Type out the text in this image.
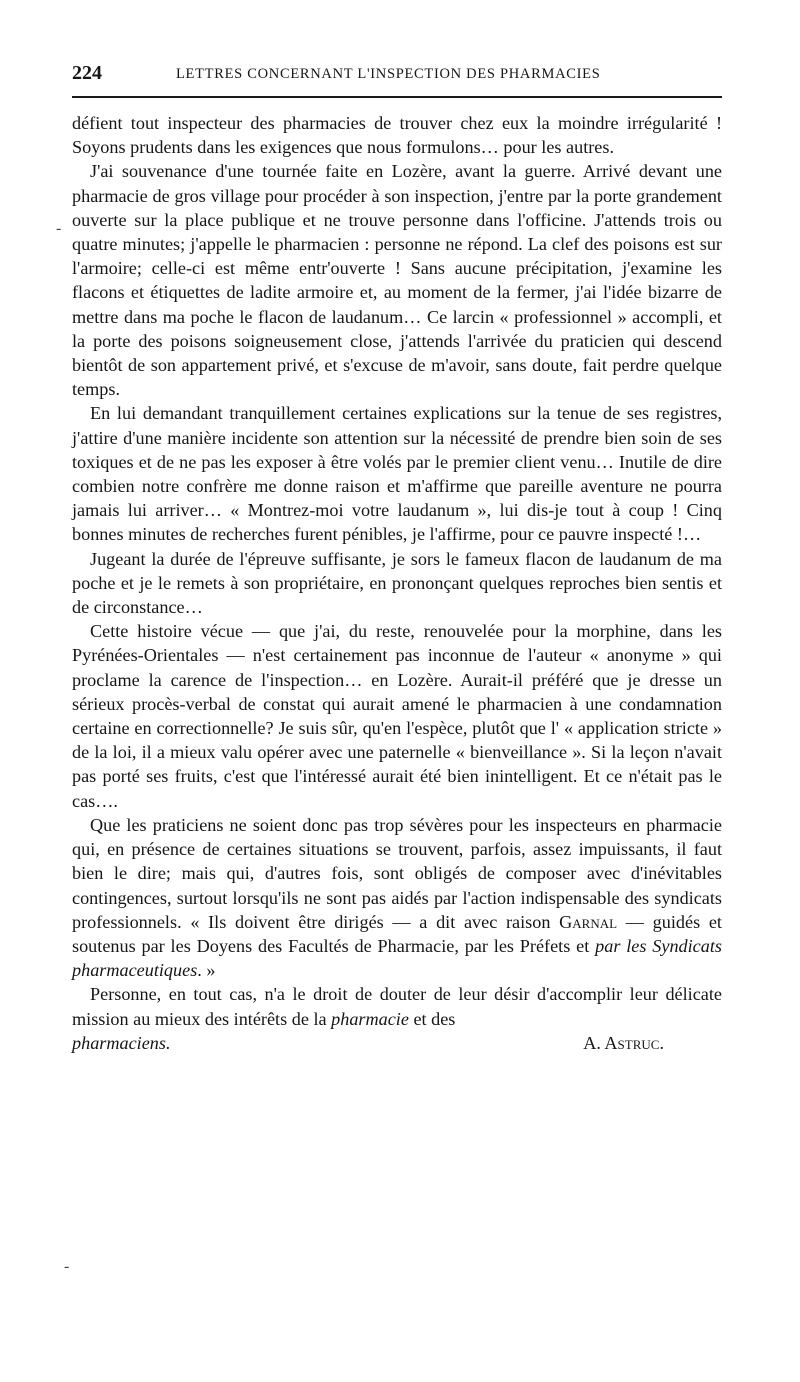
224	LETTRES CONCERNANT L'INSPECTION DES PHARMACIES

défient tout inspecteur des pharmacies de trouver chez eux la moindre irrégularité ! Soyons prudents dans les exigences que nous formulons… pour les autres.

J'ai souvenance d'une tournée faite en Lozère, avant la guerre. Arrivé devant une pharmacie de gros village pour procéder à son inspection, j'entre par la porte grandement ouverte sur la place publique et ne trouve personne dans l'officine. J'attends trois ou quatre minutes; j'appelle le pharmacien : personne ne répond. La clef des poisons est sur l'armoire; celle-ci est même entr'ouverte ! Sans aucune précipitation, j'examine les flacons et étiquettes de ladite armoire et, au moment de la fermer, j'ai l'idée bizarre de mettre dans ma poche le flacon de laudanum… Ce larcin « professionnel » accompli, et la porte des poisons soigneusement close, j'attends l'arrivée du praticien qui descend bientôt de son appartement privé, et s'excuse de m'avoir, sans doute, fait perdre quelque temps.

En lui demandant tranquillement certaines explications sur la tenue de ses registres, j'attire d'une manière incidente son attention sur la nécessité de prendre bien soin de ses toxiques et de ne pas les exposer à être volés par le premier client venu… Inutile de dire combien notre confrère me donne raison et m'affirme que pareille aventure ne pourra jamais lui arriver… « Montrez-moi votre laudanum », lui dis-je tout à coup ! Cinq bonnes minutes de recherches furent pénibles, je l'affirme, pour ce pauvre inspecté !…

Jugeant la durée de l'épreuve suffisante, je sors le fameux flacon de laudanum de ma poche et je le remets à son propriétaire, en prononçant quelques reproches bien sentis et de circonstance…

Cette histoire vécue — que j'ai, du reste, renouvelée pour la morphine, dans les Pyrénées-Orientales — n'est certainement pas inconnue de l'auteur « anonyme » qui proclame la carence de l'inspection… en Lozère. Aurait-il préféré que je dresse un sérieux procès-verbal de constat qui aurait amené le pharmacien à une condamnation certaine en correctionnelle? Je suis sûr, qu'en l'espèce, plutôt que l' « application stricte » de la loi, il a mieux valu opérer avec une paternelle « bienveillance ». Si la leçon n'avait pas porté ses fruits, c'est que l'intéressé aurait été bien inintelligent. Et ce n'était pas le cas….

Que les praticiens ne soient donc pas trop sévères pour les inspecteurs en pharmacie qui, en présence de certaines situations se trouvent, parfois, assez impuissants, il faut bien le dire; mais qui, d'autres fois, sont obligés de composer avec d'inévitables contingences, surtout lorsqu'ils ne sont pas aidés par l'action indispensable des syndicats professionnels. « Ils doivent être dirigés — a dit avec raison Garnal — guidés et soutenus par les Doyens des Facultés de Pharmacie, par les Préfets et par les Syndicats pharmaceutiques. »

Personne, en tout cas, n'a le droit de douter de leur désir d'accomplir leur délicate mission au mieux des intérêts de la pharmacie et des

pharmaciens.	A. Astruc.
-
-
